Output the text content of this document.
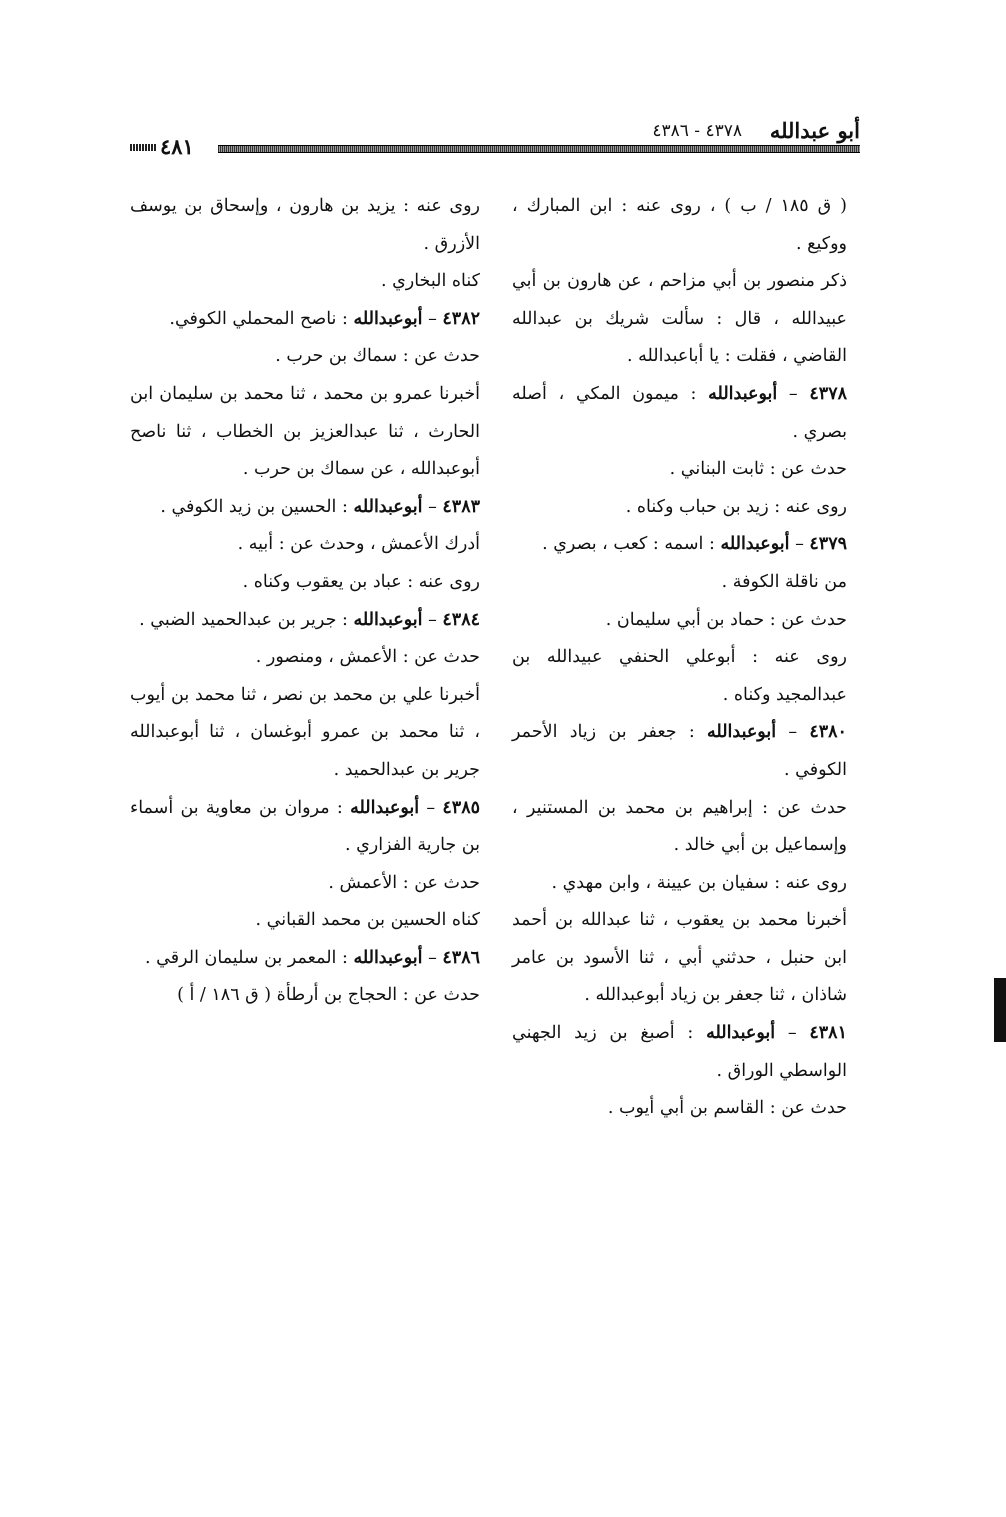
أبو عبدالله
٤٣٧٨ - ٤٣٨٦
٤٨١

( ق ١٨٥ / ب ) ، روى عنه : ابن المبارك ، ووكيع .

ذكر منصور بن أبي مزاحم ، عن هارون بن أبي عبيدالله ، قال : سألت شريك بن عبدالله القاضي ، فقلت : يا أباعبدالله .

٤٣٧٨ – أبوعبدالله : ميمون المكي ، أصله بصري .

حدث عن : ثابت البناني .

روى عنه : زيد بن حباب وكناه .

٤٣٧٩ – أبوعبدالله : اسمه : كعب ، بصري .

من ناقلة الكوفة .

حدث عن : حماد بن أبي سليمان .

روى عنه : أبوعلي الحنفي عبيدالله بن عبدالمجيد وكناه .

٤٣٨٠ – أبوعبدالله : جعفر بن زياد الأحمر الكوفي .

حدث عن : إبراهيم بن محمد بن المستنير ، وإسماعيل بن أبي خالد .

روى عنه : سفيان بن عيينة ، وابن مهدي .

أخبرنا محمد بن يعقوب ، ثنا عبدالله بن أحمد ابن حنبل ، حدثني أبي ، ثنا الأسود بن عامر شاذان ، ثنا جعفر بن زياد أبوعبدالله .

٤٣٨١ – أبوعبدالله : أصبغ بن زيد الجهني الواسطي الوراق .

حدث عن : القاسم بن أبي أيوب .

روى عنه : يزيد بن هارون ، وإسحاق بن يوسف الأزرق .

كناه البخاري .

٤٣٨٢ – أبوعبدالله : ناصح المحملي الكوفي.

حدث عن : سماك بن حرب .

أخبرنا عمرو بن محمد ، ثنا محمد بن سليمان ابن الحارث ، ثنا عبدالعزيز بن الخطاب ، ثنا ناصح أبوعبدالله ، عن سماك بن حرب .

٤٣٨٣ – أبوعبدالله : الحسين بن زيد الكوفي .

أدرك الأعمش ، وحدث عن : أبيه .

روى عنه : عباد بن يعقوب وكناه .

٤٣٨٤ – أبوعبدالله : جرير بن عبدالحميد الضبي .

حدث عن : الأعمش ، ومنصور .

أخبرنا علي بن محمد بن نصر ، ثنا محمد بن أيوب ، ثنا محمد بن عمرو أبوغسان ، ثنا أبوعبدالله جرير بن عبدالحميد .

٤٣٨٥ – أبوعبدالله : مروان بن معاوية بن أسماء بن جارية الفزاري .

حدث عن : الأعمش .

كناه الحسين بن محمد القباني .

٤٣٨٦ – أبوعبدالله : المعمر بن سليمان الرقي .

حدث عن : الحجاج بن أرطأة ( ق ١٨٦ / أ )
